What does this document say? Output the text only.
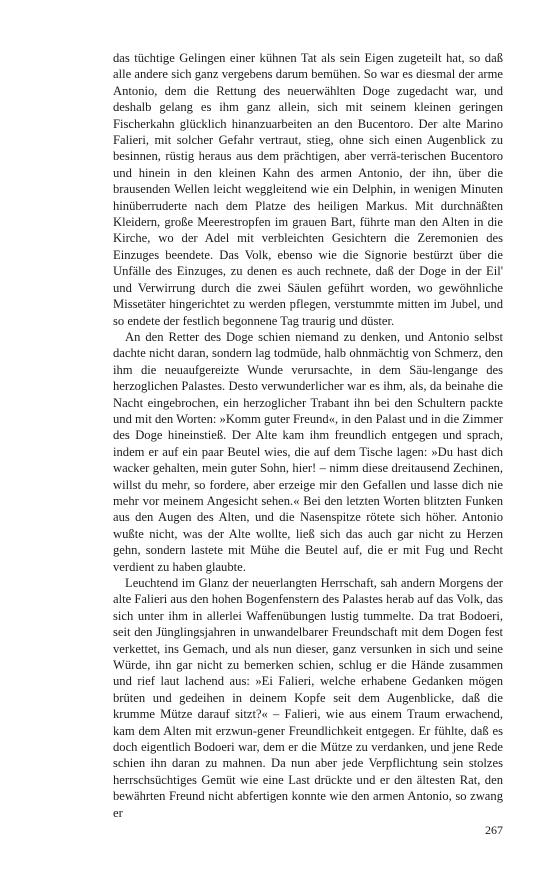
das tüchtige Gelingen einer kühnen Tat als sein Eigen zugeteilt hat, so daß alle andere sich ganz vergebens darum bemühen. So war es diesmal der arme Antonio, dem die Rettung des neuerwählten Doge zugedacht war, und deshalb gelang es ihm ganz allein, sich mit seinem kleinen geringen Fischerkahn glücklich hinanzuarbeiten an den Bucentoro. Der alte Marino Falieri, mit solcher Gefahr vertraut, stieg, ohne sich einen Augenblick zu besinnen, rüstig heraus aus dem prächtigen, aber verrä-terischen Bucentoro und hinein in den kleinen Kahn des armen Antonio, der ihn, über die brausenden Wellen leicht weggleitend wie ein Delphin, in wenigen Minuten hinüberruderte nach dem Platze des heiligen Markus. Mit durchnäßten Kleidern, große Meerestropfen im grauen Bart, führte man den Alten in die Kirche, wo der Adel mit verbleichten Gesichtern die Zeremonien des Einzuges beendete. Das Volk, ebenso wie die Signorie bestürzt über die Unfälle des Einzuges, zu denen es auch rechnete, daß der Doge in der Eil' und Verwirrung durch die zwei Säulen geführt worden, wo gewöhnliche Missetäter hingerichtet zu werden pflegen, verstummte mitten im Jubel, und so endete der festlich begonnene Tag traurig und düster.

An den Retter des Doge schien niemand zu denken, und Antonio selbst dachte nicht daran, sondern lag todmüde, halb ohnmächtig von Schmerz, den ihm die neuaufgereizte Wunde verursachte, in dem Säu-lengange des herzoglichen Palastes. Desto verwunderlicher war es ihm, als, da beinahe die Nacht eingebrochen, ein herzoglicher Trabant ihn bei den Schultern packte und mit den Worten: »Komm guter Freund«, in den Palast und in die Zimmer des Doge hineinstieß. Der Alte kam ihm freundlich entgegen und sprach, indem er auf ein paar Beutel wies, die auf dem Tische lagen: »Du hast dich wacker gehalten, mein guter Sohn, hier! – nimm diese dreitausend Zechinen, willst du mehr, so fordere, aber erzeige mir den Gefallen und lasse dich nie mehr vor meinem Angesicht sehen.« Bei den letzten Worten blitzten Funken aus den Augen des Alten, und die Nasenspitze rötete sich höher. Antonio wußte nicht, was der Alte wollte, ließ sich das auch gar nicht zu Herzen gehn, sondern lastete mit Mühe die Beutel auf, die er mit Fug und Recht verdient zu haben glaubte.

Leuchtend im Glanz der neuerlangten Herrschaft, sah andern Morgens der alte Falieri aus den hohen Bogenfenstern des Palastes herab auf das Volk, das sich unter ihm in allerlei Waffenübungen lustig tummelte. Da trat Bodoeri, seit den Jünglingsjahren in unwandelbarer Freundschaft mit dem Dogen fest verkettet, ins Gemach, und als nun dieser, ganz versunken in sich und seine Würde, ihn gar nicht zu bemerken schien, schlug er die Hände zusammen und rief laut lachend aus: »Ei Falieri, welche erhabene Gedanken mögen brüten und gedeihen in deinem Kopfe seit dem Augenblicke, daß die krumme Mütze darauf sitzt?« – Falieri, wie aus einem Traum erwachend, kam dem Alten mit erzwun-gener Freundlichkeit entgegen. Er fühlte, daß es doch eigentlich Bodoeri war, dem er die Mütze zu verdanken, und jene Rede schien ihn daran zu mahnen. Da nun aber jede Verpflichtung sein stolzes herrschsüchtiges Gemüt wie eine Last drückte und er den ältesten Rat, den bewährten Freund nicht abfertigen konnte wie den armen Antonio, so zwang er

267
